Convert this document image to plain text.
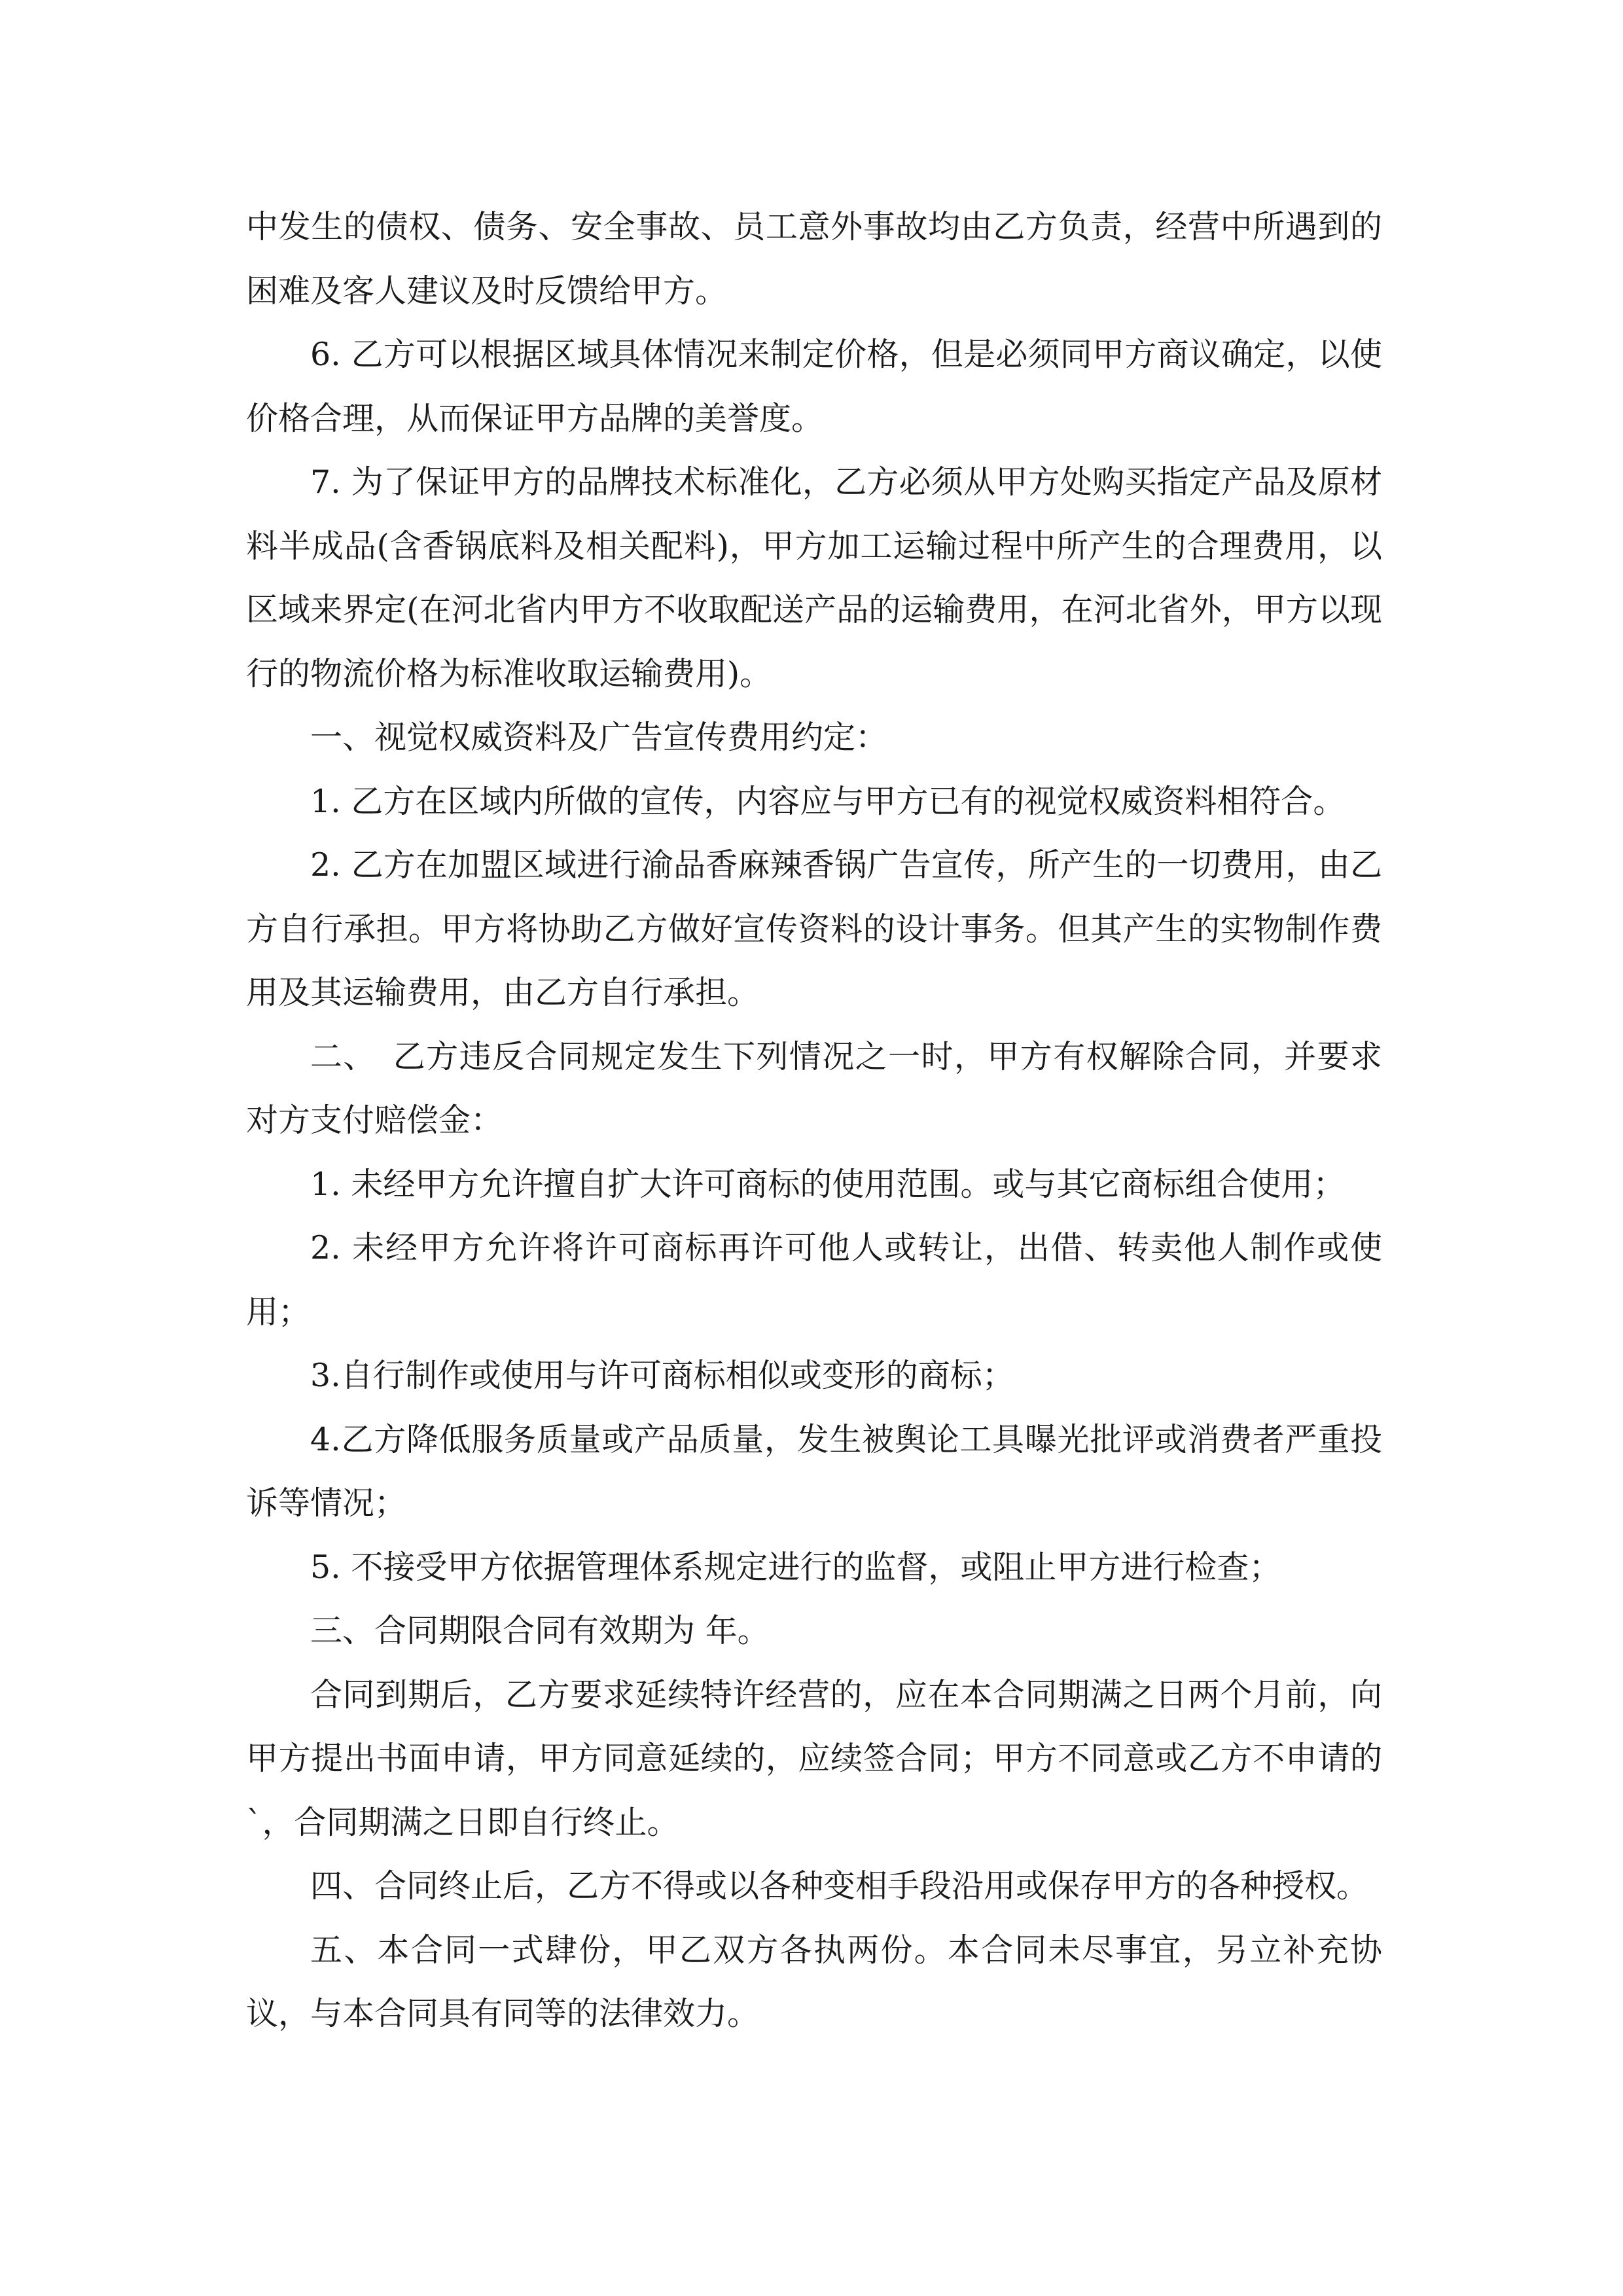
中发生的债权、债务、安全事故、员工意外事故均由乙方负责，经营中所遇到的困难及客人建议及时反馈给甲方。

6. 乙方可以根据区域具体情况来制定价格，但是必须同甲方商议确定，以使价格合理，从而保证甲方品牌的美誉度。

7. 为了保证甲方的品牌技术标准化，乙方必须从甲方处购买指定产品及原材料半成品(含香锅底料及相关配料)，甲方加工运输过程中所产生的合理费用，以区域来界定(在河北省内甲方不收取配送产品的运输费用，在河北省外，甲方以现行的物流价格为标准收取运输费用)。

一、视觉权威资料及广告宣传费用约定：

1. 乙方在区域内所做的宣传，内容应与甲方已有的视觉权威资料相符合。

2. 乙方在加盟区域进行渝品香麻辣香锅广告宣传，所产生的一切费用，由乙方自行承担。甲方将协助乙方做好宣传资料的设计事务。但其产生的实物制作费用及其运输费用，由乙方自行承担。

二、　乙方违反合同规定发生下列情况之一时，甲方有权解除合同，并要求对方支付赔偿金：

1. 未经甲方允许擅自扩大许可商标的使用范围。或与其它商标组合使用；

2. 未经甲方允许将许可商标再许可他人或转让，出借、转卖他人制作或使用；

3.自行制作或使用与许可商标相似或变形的商标；

4.乙方降低服务质量或产品质量，发生被舆论工具曝光批评或消费者严重投诉等情况；

5. 不接受甲方依据管理体系规定进行的监督，或阻止甲方进行检查；

三、合同期限合同有效期为 年。

合同到期后，乙方要求延续特许经营的，应在本合同期满之日两个月前，向甲方提出书面申请，甲方同意延续的，应续签合同；甲方不同意或乙方不申请的`，合同期满之日即自行终止。

四、合同终止后，乙方不得或以各种变相手段沿用或保存甲方的各种授权。

五、本合同一式肆份，甲乙双方各执两份。本合同未尽事宜，另立补充协议，与本合同具有同等的法律效力。
